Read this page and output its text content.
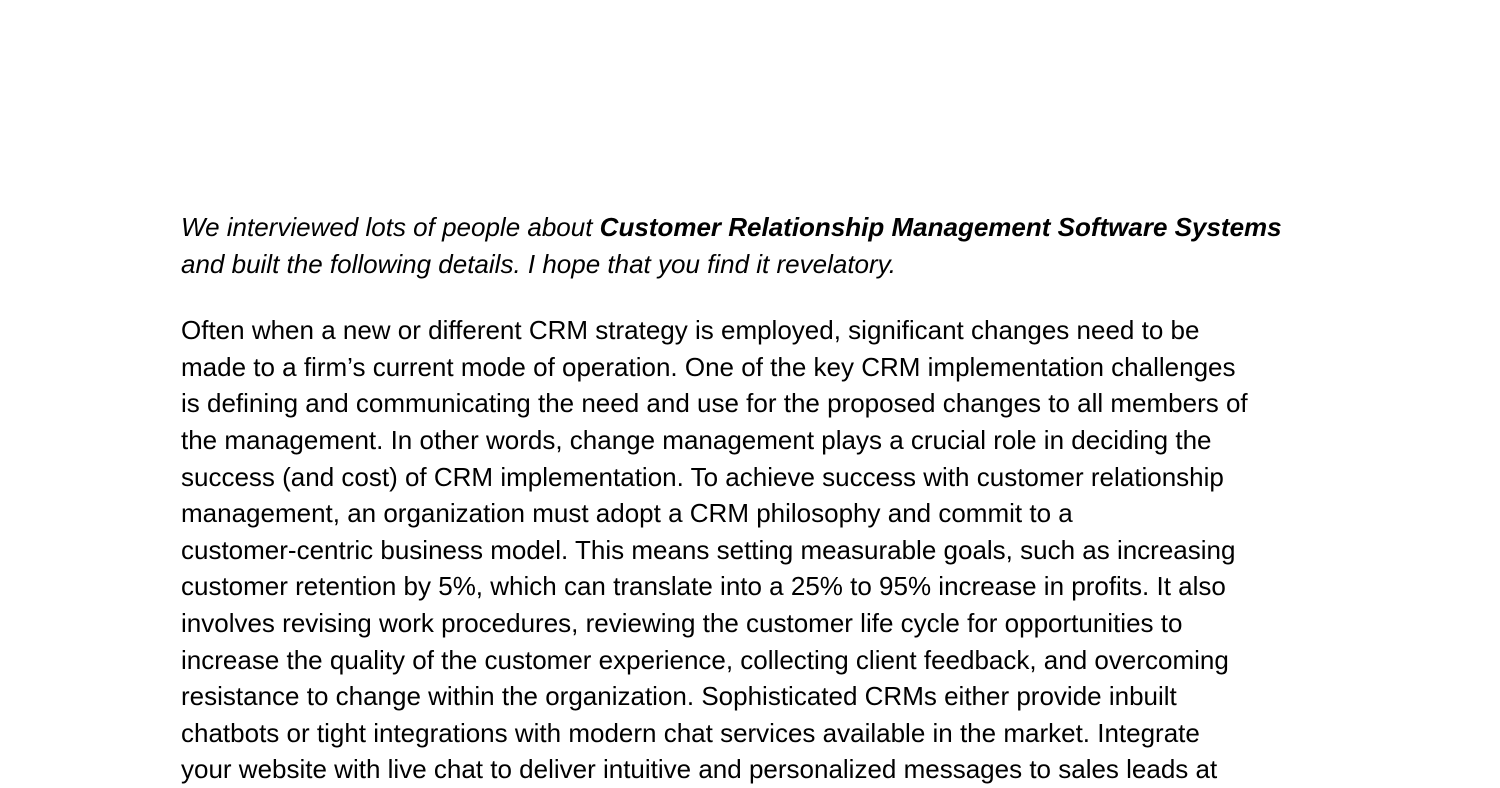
We interviewed lots of people about Customer Relationship Management Software Systems and built the following details. I hope that you find it revelatory.

Often when a new or different CRM strategy is employed, significant changes need to be
made to a firm’s current mode of operation. One of the key CRM implementation challenges
is defining and communicating the need and use for the proposed changes to all members of
the management. In other words, change management plays a crucial role in deciding the
success (and cost) of CRM implementation. To achieve success with customer relationship
management, an organization must adopt a CRM philosophy and commit to a
customer-centric business model. This means setting measurable goals, such as increasing
customer retention by 5%, which can translate into a 25% to 95% increase in profits. It also
involves revising work procedures, reviewing the customer life cycle for opportunities to
increase the quality of the customer experience, collecting client feedback, and overcoming
resistance to change within the organization. Sophisticated CRMs either provide inbuilt
chatbots or tight integrations with modern chat services available in the market. Integrate
your website with live chat to deliver intuitive and personalized messages to sales leads at
